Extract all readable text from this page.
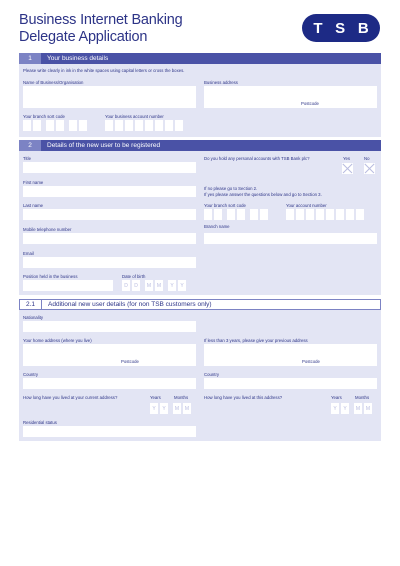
Business Internet Banking
Delegate Application
T S B
1	Your business details
Please write clearly in ink in the white spaces using capital letters or cross the boxes.
Name of Business/Organisation	Business address
Postcode
Your branch sort code	Your business account number
2	Details of the new user to be registered
Title	Do you hold any personal accounts with TSB Bank plc?	Yes	No
First name
If no please go to Section 2.
If yes please answer the questions below and go to Section 3.
Last name	Your branch sort code	Your account number
Mobile telephone number
Branch name
Email
Position held in the business	Date of birth
D	D	M	M	Y	Y
2.1	Additional new user details (for non TSB customers only)
Nationality
Your home address (where you live)
Postcode
If less than 3 years, please give your previous address
Postcode
Country	Country
How long have you lived at your current address?	Years	Months
Y	Y	M	M
How long have you lived at this address?	Years	Months
Y	Y	M	M
Residential status
